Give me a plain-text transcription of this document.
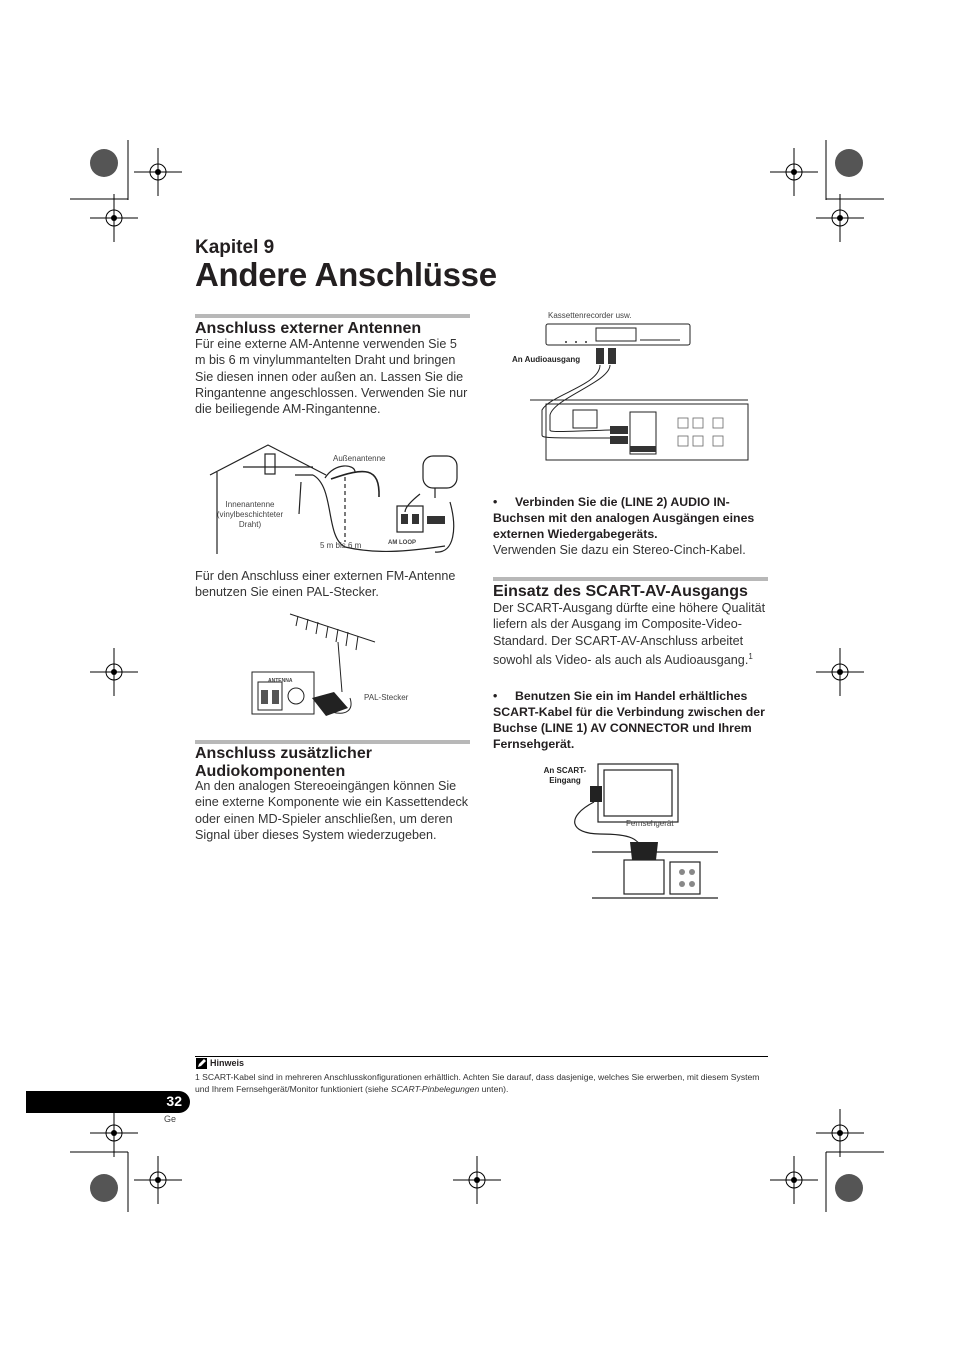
Kapitel 9
Andere Anschlüsse
Anschluss externer Antennen
Für eine externe AM-Antenne verwenden Sie 5 m bis 6 m vinylummantelten Draht und bringen Sie diesen innen oder außen an. Lassen Sie die Ringantenne angeschlossen. Verwenden Sie nur die beiliegende AM-Ringantenne.
Außenantenne
Innenantenne
(vinylbeschichteter
Draht)
5 m bis 6 m	AM LOOP
Für den Anschluss einer externen FM-Antenne benutzen Sie einen PAL-Stecker.
ANTENNA
PAL-Stecker
Anschluss zusätzlicher
Audiokomponenten
An den analogen Stereoeingängen können Sie eine externe Komponente wie ein Kassettendeck oder einen MD-Spieler anschließen, um deren Signal über dieses System wiederzugeben.
Kassettenrecorder usw.
An Audioausgang
• Verbinden Sie die (LINE 2) AUDIO IN-Buchsen mit den analogen Ausgängen eines externen Wiedergabegeräts.
Verwenden Sie dazu ein Stereo-Cinch-Kabel.
Einsatz des SCART-AV-Ausgangs
Der SCART-Ausgang dürfte eine höhere Qualität liefern als der Ausgang im Composite-Video-Standard. Der SCART-AV-Anschluss arbeitet sowohl als Video- als auch als Audioausgang.$^1$
• Benutzen Sie ein im Handel erhältliches SCART-Kabel für die Verbindung zwischen der Buchse (LINE 1) AV CONNECTOR und Ihrem Fernsehgerät.
An SCART-
Eingang
Fernsehgerät
Hinweis
1 SCART-Kabel sind in mehreren Anschlusskonfigurationen erhältlich. Achten Sie darauf, dass dasjenige, welches Sie erwerben, mit diesem System und Ihrem Fernsehgerät/Monitor funktioniert (siehe SCART-Pinbelegungen unten).
32
Ge
